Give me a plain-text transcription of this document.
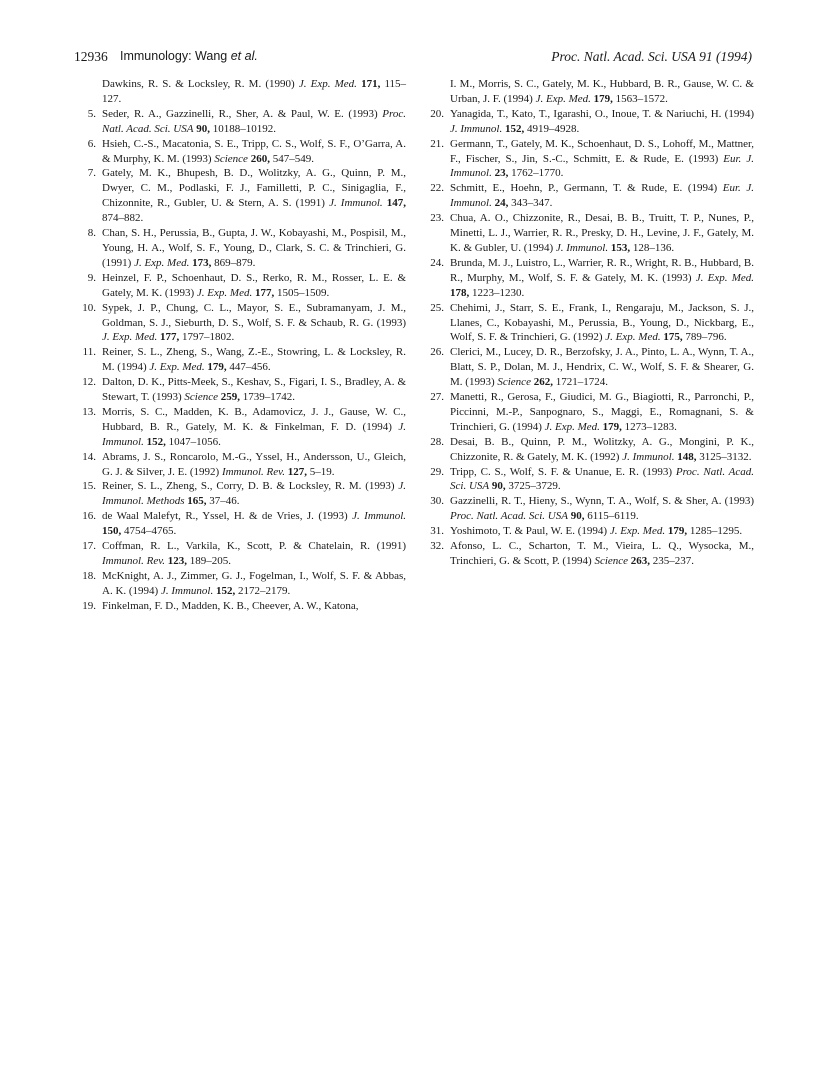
12936 Immunology: Wang et al.	Proc. Natl. Acad. Sci. USA 91 (1994)

Dawkins, R. S. & Locksley, R. M. (1990) J. Exp. Med. 171, 115–127.

5. Seder, R. A., Gazzinelli, R., Sher, A. & Paul, W. E. (1993) Proc. Natl. Acad. Sci. USA 90, 10188–10192.

6. Hsieh, C.-S., Macatonia, S. E., Tripp, C. S., Wolf, S. F., O’Garra, A. & Murphy, K. M. (1993) Science 260, 547–549.

7. Gately, M. K., Bhupesh, B. D., Wolitzky, A. G., Quinn, P. M., Dwyer, C. M., Podlaski, F. J., Familletti, P. C., Sinigaglia, F., Chizonnite, R., Gubler, U. & Stern, A. S. (1991) J. Immunol. 147, 874–882.

8. Chan, S. H., Perussia, B., Gupta, J. W., Kobayashi, M., Pospisil, M., Young, H. A., Wolf, S. F., Young, D., Clark, S. C. & Trinchieri, G. (1991) J. Exp. Med. 173, 869–879.

9. Heinzel, F. P., Schoenhaut, D. S., Rerko, R. M., Rosser, L. E. & Gately, M. K. (1993) J. Exp. Med. 177, 1505–1509.

10. Sypek, J. P., Chung, C. L., Mayor, S. E., Subramanyam, J. M., Goldman, S. J., Sieburth, D. S., Wolf, S. F. & Schaub, R. G. (1993) J. Exp. Med. 177, 1797–1802.

11. Reiner, S. L., Zheng, S., Wang, Z.-E., Stowring, L. & Locksley, R. M. (1994) J. Exp. Med. 179, 447–456.

12. Dalton, D. K., Pitts-Meek, S., Keshav, S., Figari, I. S., Bradley, A. & Stewart, T. (1993) Science 259, 1739–1742.

13. Morris, S. C., Madden, K. B., Adamovicz, J. J., Gause, W. C., Hubbard, B. R., Gately, M. K. & Finkelman, F. D. (1994) J. Immunol. 152, 1047–1056.

14. Abrams, J. S., Roncarolo, M.-G., Yssel, H., Andersson, U., Gleich, G. J. & Silver, J. E. (1992) Immunol. Rev. 127, 5–19.

15. Reiner, S. L., Zheng, S., Corry, D. B. & Locksley, R. M. (1993) J. Immunol. Methods 165, 37–46.

16. de Waal Malefyt, R., Yssel, H. & de Vries, J. (1993) J. Immunol. 150, 4754–4765.

17. Coffman, R. L., Varkila, K., Scott, P. & Chatelain, R. (1991) Immunol. Rev. 123, 189–205.

18. McKnight, A. J., Zimmer, G. J., Fogelman, I., Wolf, S. F. & Abbas, A. K. (1994) J. Immunol. 152, 2172–2179.

19. Finkelman, F. D., Madden, K. B., Cheever, A. W., Katona,

I. M., Morris, S. C., Gately, M. K., Hubbard, B. R., Gause, W. C. & Urban, J. F. (1994) J. Exp. Med. 179, 1563–1572.

20. Yanagida, T., Kato, T., Igarashi, O., Inoue, T. & Nariuchi, H. (1994) J. Immunol. 152, 4919–4928.

21. Germann, T., Gately, M. K., Schoenhaut, D. S., Lohoff, M., Mattner, F., Fischer, S., Jin, S.-C., Schmitt, E. & Rude, E. (1993) Eur. J. Immunol. 23, 1762–1770.

22. Schmitt, E., Hoehn, P., Germann, T. & Rude, E. (1994) Eur. J. Immunol. 24, 343–347.

23. Chua, A. O., Chizzonite, R., Desai, B. B., Truitt, T. P., Nunes, P., Minetti, L. J., Warrier, R. R., Presky, D. H., Levine, J. F., Gately, M. K. & Gubler, U. (1994) J. Immunol. 153, 128–136.

24. Brunda, M. J., Luistro, L., Warrier, R. R., Wright, R. B., Hubbard, B. R., Murphy, M., Wolf, S. F. & Gately, M. K. (1993) J. Exp. Med. 178, 1223–1230.

25. Chehimi, J., Starr, S. E., Frank, I., Rengaraju, M., Jackson, S. J., Llanes, C., Kobayashi, M., Perussia, B., Young, D., Nickbarg, E., Wolf, S. F. & Trinchieri, G. (1992) J. Exp. Med. 175, 789–796.

26. Clerici, M., Lucey, D. R., Berzofsky, J. A., Pinto, L. A., Wynn, T. A., Blatt, S. P., Dolan, M. J., Hendrix, C. W., Wolf, S. F. & Shearer, G. M. (1993) Science 262, 1721–1724.

27. Manetti, R., Gerosa, F., Giudici, M. G., Biagiotti, R., Parronchi, P., Piccinni, M.-P., Sanpognaro, S., Maggi, E., Romagnani, S. & Trinchieri, G. (1994) J. Exp. Med. 179, 1273–1283.

28. Desai, B. B., Quinn, P. M., Wolitzky, A. G., Mongini, P. K., Chizzonite, R. & Gately, M. K. (1992) J. Immunol. 148, 3125–3132.

29. Tripp, C. S., Wolf, S. F. & Unanue, E. R. (1993) Proc. Natl. Acad. Sci. USA 90, 3725–3729.

30. Gazzinelli, R. T., Hieny, S., Wynn, T. A., Wolf, S. & Sher, A. (1993) Proc. Natl. Acad. Sci. USA 90, 6115–6119.

31. Yoshimoto, T. & Paul, W. E. (1994) J. Exp. Med. 179, 1285–1295.

32. Afonso, L. C., Scharton, T. M., Vieira, L. Q., Wysocka, M., Trinchieri, G. & Scott, P. (1994) Science 263, 235–237.
